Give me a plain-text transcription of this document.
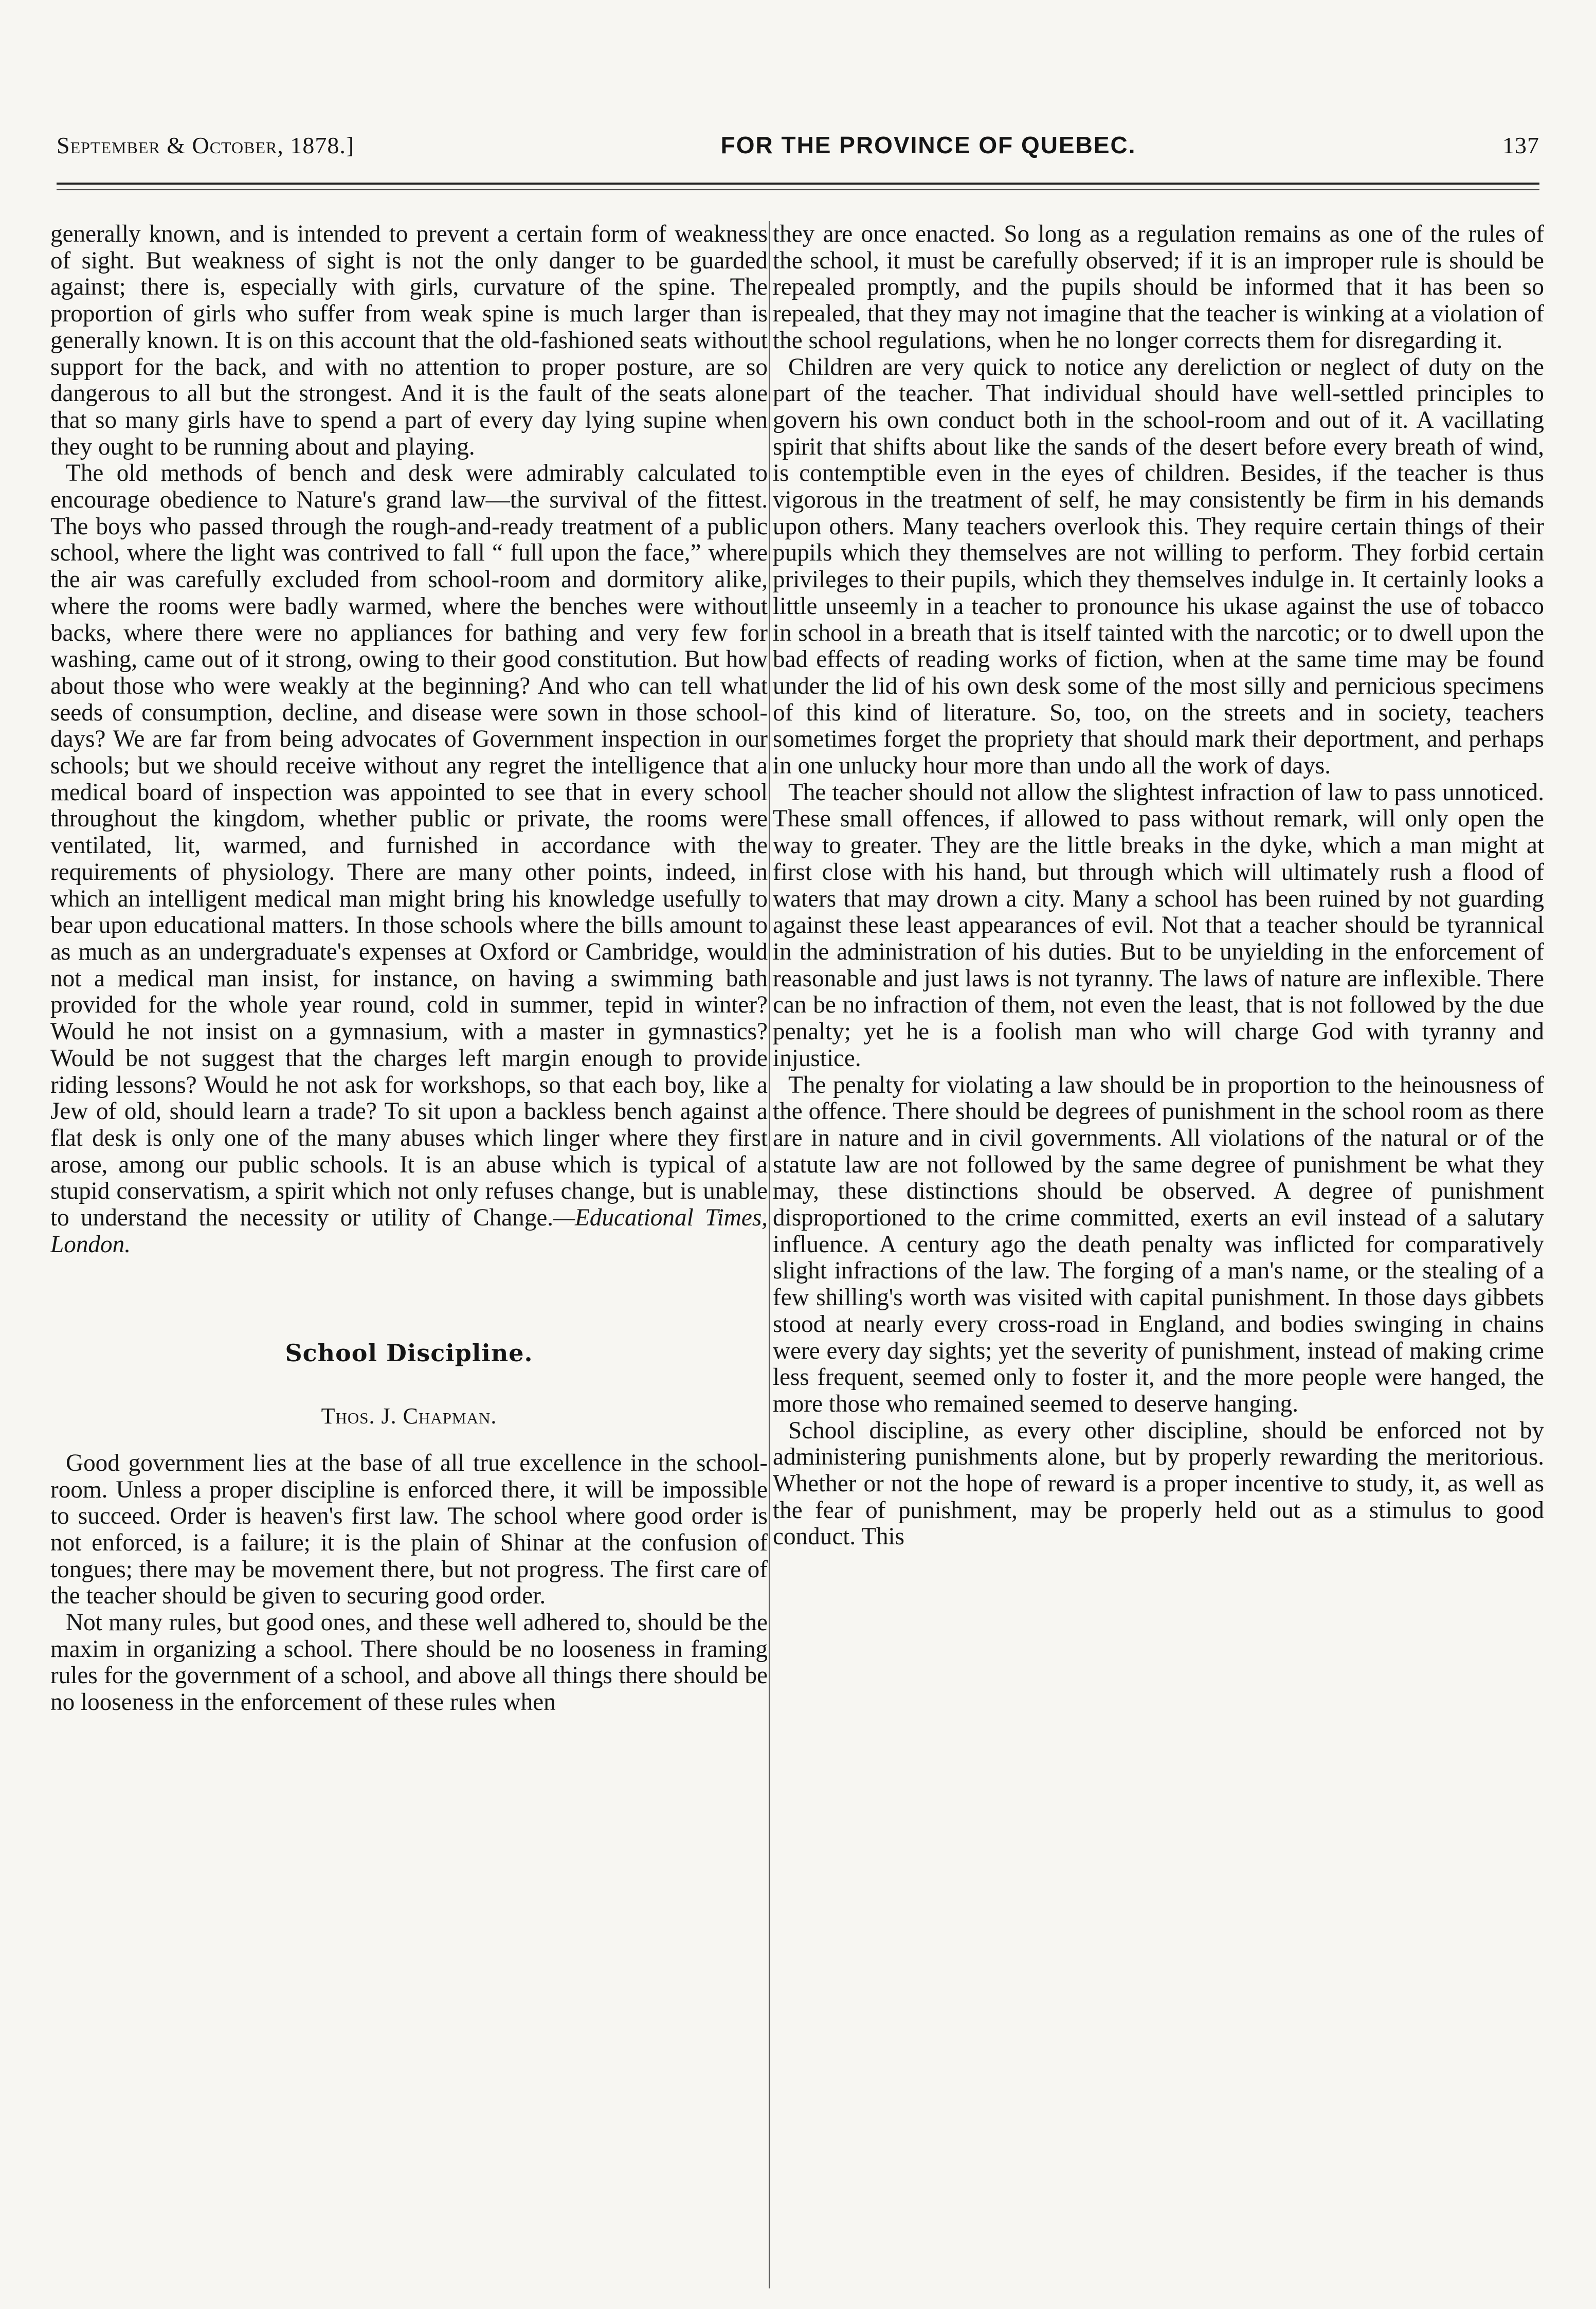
September & October, 1878.]	FOR THE PROVINCE OF QUEBEC.	137

generally known, and is intended to prevent a certain form of weakness of sight. But weakness of sight is not the only danger to be guarded against; there is, especially with girls, curvature of the spine. The proportion of girls who suffer from weak spine is much larger than is generally known. It is on this account that the old-fashioned seats without support for the back, and with no attention to proper posture, are so dangerous to all but the strongest. And it is the fault of the seats alone that so many girls have to spend a part of every day lying supine when they ought to be running about and playing.

The old methods of bench and desk were admirably calculated to encourage obedience to Nature's grand law—the survival of the fittest. The boys who passed through the rough-and-ready treatment of a public school, where the light was contrived to fall “ full upon the face,” where the air was carefully excluded from school-room and dormitory alike, where the rooms were badly warmed, where the benches were without backs, where there were no appliances for bathing and very few for washing, came out of it strong, owing to their good constitution. But how about those who were weakly at the beginning? And who can tell what seeds of consumption, decline, and disease were sown in those school-days? We are far from being advocates of Government inspection in our schools; but we should receive without any regret the intelligence that a medical board of inspection was appointed to see that in every school throughout the kingdom, whether public or private, the rooms were ventilated, lit, warmed, and furnished in accordance with the requirements of physiology. There are many other points, indeed, in which an intelligent medical man might bring his knowledge usefully to bear upon educational matters. In those schools where the bills amount to as much as an undergraduate's expenses at Oxford or Cambridge, would not a medical man insist, for instance, on having a swimming bath provided for the whole year round, cold in summer, tepid in winter? Would he not insist on a gymnasium, with a master in gymnastics? Would be not suggest that the charges left margin enough to provide riding lessons? Would he not ask for workshops, so that each boy, like a Jew of old, should learn a trade? To sit upon a backless bench against a flat desk is only one of the many abuses which linger where they first arose, among our public schools. It is an abuse which is typical of a stupid conservatism, a spirit which not only refuses change, but is unable to understand the necessity or utility of Change.—Educational Times, London.

School Discipline.
Thos. J. Chapman.

Good government lies at the base of all true excellence in the school-room. Unless a proper discipline is enforced there, it will be impossible to succeed. Order is heaven's first law. The school where good order is not enforced, is a failure; it is the plain of Shinar at the confusion of tongues; there may be movement there, but not progress. The first care of the teacher should be given to securing good order.

Not many rules, but good ones, and these well adhered to, should be the maxim in organizing a school. There should be no looseness in framing rules for the government of a school, and above all things there should be no looseness in the enforcement of these rules when

they are once enacted. So long as a regulation remains as one of the rules of the school, it must be carefully observed; if it is an improper rule is should be repealed promptly, and the pupils should be informed that it has been so repealed, that they may not imagine that the teacher is winking at a violation of the school regulations, when he no longer corrects them for disregarding it.

Children are very quick to notice any dereliction or neglect of duty on the part of the teacher. That individual should have well-settled principles to govern his own conduct both in the school-room and out of it. A vacillating spirit that shifts about like the sands of the desert before every breath of wind, is contemptible even in the eyes of children. Besides, if the teacher is thus vigorous in the treatment of self, he may consistently be firm in his demands upon others. Many teachers overlook this. They require certain things of their pupils which they themselves are not willing to perform. They forbid certain privileges to their pupils, which they themselves indulge in. It certainly looks a little unseemly in a teacher to pronounce his ukase against the use of tobacco in school in a breath that is itself tainted with the narcotic; or to dwell upon the bad effects of reading works of fiction, when at the same time may be found under the lid of his own desk some of the most silly and pernicious specimens of this kind of literature. So, too, on the streets and in society, teachers sometimes forget the propriety that should mark their deportment, and perhaps in one unlucky hour more than undo all the work of days.

The teacher should not allow the slightest infraction of law to pass unnoticed. These small offences, if allowed to pass without remark, will only open the way to greater. They are the little breaks in the dyke, which a man might at first close with his hand, but through which will ultimately rush a flood of waters that may drown a city. Many a school has been ruined by not guarding against these least appearances of evil. Not that a teacher should be tyrannical in the administration of his duties. But to be unyielding in the enforcement of reasonable and just laws is not tyranny. The laws of nature are inflexible. There can be no infraction of them, not even the least, that is not followed by the due penalty; yet he is a foolish man who will charge God with tyranny and injustice.

The penalty for violating a law should be in proportion to the heinousness of the offence. There should be degrees of punishment in the school room as there are in nature and in civil governments. All violations of the natural or of the statute law are not followed by the same degree of punishment be what they may, these distinctions should be observed. A degree of punishment disproportioned to the crime committed, exerts an evil instead of a salutary influence. A century ago the death penalty was inflicted for comparatively slight infractions of the law. The forging of a man's name, or the stealing of a few shilling's worth was visited with capital punishment. In those days gibbets stood at nearly every cross-road in England, and bodies swinging in chains were every day sights; yet the severity of punishment, instead of making crime less frequent, seemed only to foster it, and the more people were hanged, the more those who remained seemed to deserve hanging.

School discipline, as every other discipline, should be enforced not by administering punishments alone, but by properly rewarding the meritorious. Whether or not the hope of reward is a proper incentive to study, it, as well as the fear of punishment, may be properly held out as a stimulus to good conduct. This
